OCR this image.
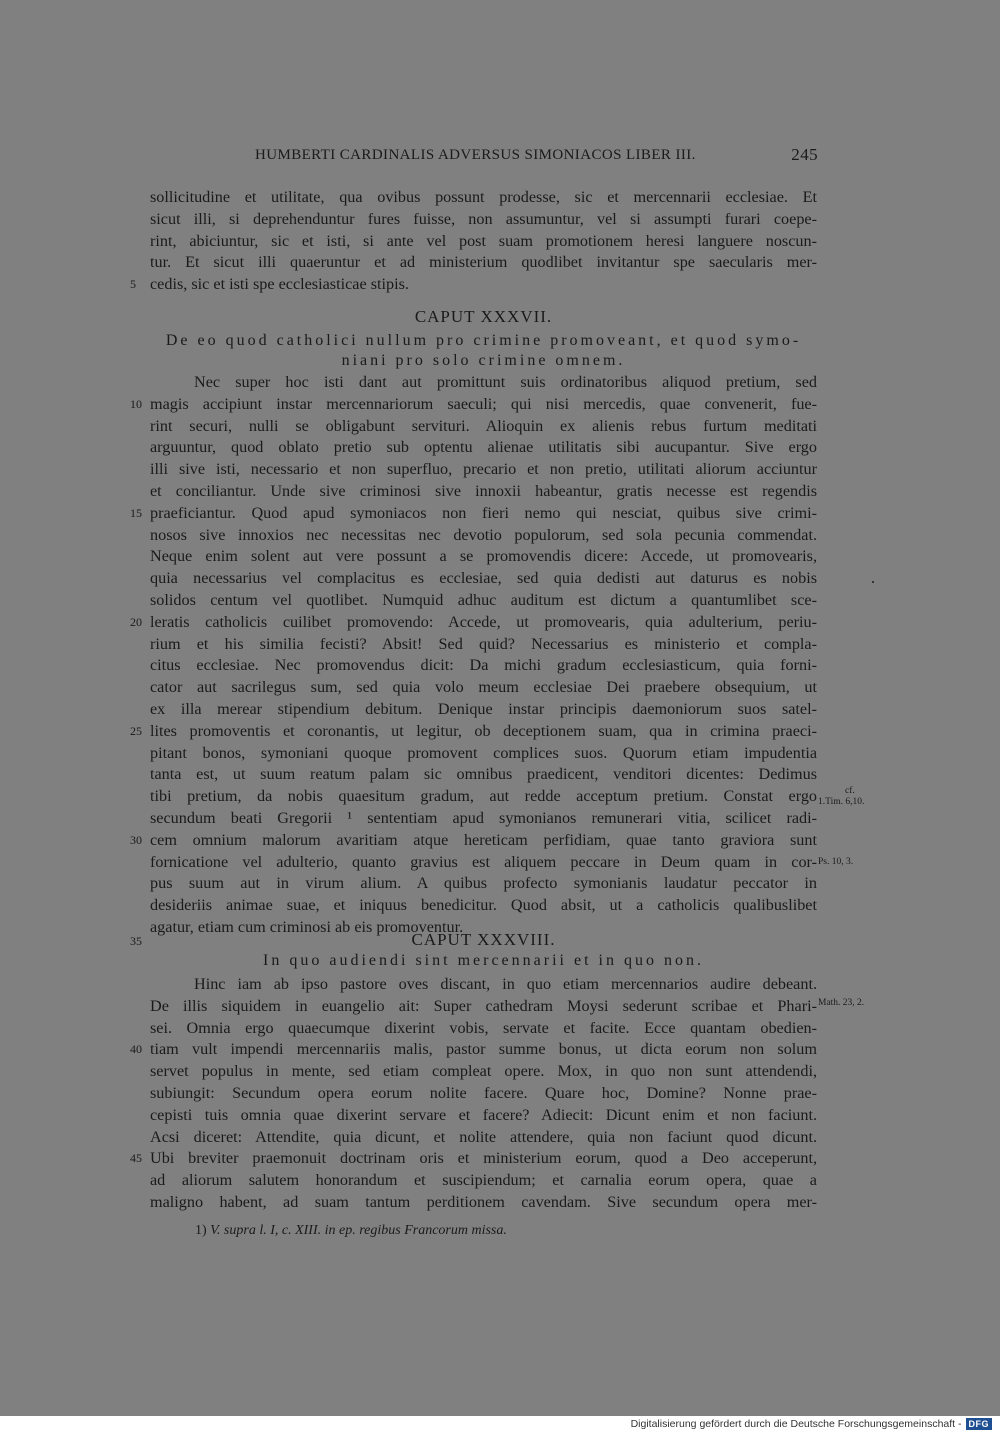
HUMBERTI CARDINALIS ADVERSUS SIMONIACOS LIBER III.	245
sollicitudine et utilitate, qua ovibus possunt prodesse, sic et mercennarii ecclesiae. Et
sicut illi, si deprehenduntur fures fuisse, non assumuntur, vel si assumpti furari coepe-
rint, abiciuntur, sic et isti, si ante vel post suam promotionem heresi languere noscun-
tur. Et sicut illi quaeruntur et ad ministerium quodlibet invitantur spe saecularis mer-
cedis, sic et isti spe ecclesiasticae stipis.
5
CAPUT XXXVII.
De eo quod catholici nullum pro crimine promoveant, et quod symo-
niani pro solo crimine omnem.
Nec super hoc isti dant aut promittunt suis ordinatoribus aliquod pretium, sed
magis accipiunt instar mercennariorum saeculi; qui nisi mercedis, quae convenerit, fue-
10
rint securi, nulli se obligabunt servituri. Alioquin ex alienis rebus furtum meditati
arguuntur, quod oblato pretio sub optentu alienae utilitatis sibi aucupantur. Sive ergo
illi sive isti, necessario et non superfluo, precario et non pretio, utilitati aliorum acciuntur
et conciliantur. Unde sive criminosi sive innoxii habeantur, gratis necesse est regendis
praeficiantur. Quod apud symoniacos non fieri nemo qui nesciat, quibus sive crimi-
15
nosos sive innoxios nec necessitas nec devotio populorum, sed sola pecunia commendat.
Neque enim solent aut vere possunt a se promovendis dicere: Accede, ut promovearis,
quia necessarius vel complacitus es ecclesiae, sed quia dedisti aut daturus es nobis
solidos centum vel quotlibet. Numquid adhuc auditum est dictum a quantumlibet sce-
leratis catholicis cuilibet promovendo: Accede, ut promovearis, quia adulterium, periu-
20
rium et his similia fecisti? Absit! Sed quid? Necessarius es ministerio et compla-
citus ecclesiae. Nec promovendus dicit: Da michi gradum ecclesiasticum, quia forni-
cator aut sacrilegus sum, sed quia volo meum ecclesiae Dei praebere obsequium, ut
ex illa merear stipendium debitum. Denique instar principis daemoniorum suos satel-
lites promoventis et coronantis, ut legitur, ob deceptionem suam, qua in crimina praeci-
25
pitant bonos, symoniani quoque promovent complices suos. Quorum etiam impudentia
tanta est, ut suum reatum palam sic omnibus praedicent, venditori dicentes: Dedimus
tibi pretium, da nobis quaesitum gradum, aut redde acceptum pretium. Constat ergo
secundum beati Gregorii ¹ sententiam apud symonianos remunerari vitia, scilicet radi-
cem omnium malorum avaritiam atque hereticam perfidiam, quae tanto graviora sunt
30
fornicatione vel adulterio, quanto gravius est aliquem peccare in Deum quam in cor-
pus suum aut in virum alium. A quibus profecto symonianis laudatur peccator in
desideriis animae suae, et iniquus benedicitur. Quod absit, ut a catholicis qualibuslibet
agatur, etiam cum criminosi ab eis promoventur.
35	CAPUT XXXVIII.
In quo audiendi sint mercennarii et in quo non.
Hinc iam ab ipso pastore oves discant, in quo etiam mercennarios audire debeant.
De illis siquidem in euangelio ait: Super cathedram Moysi sederunt scribae et Phari-
sei. Omnia ergo quaecumque dixerint vobis, servate et facite. Ecce quantam obedien-
tiam vult impendi mercennariis malis, pastor summe bonus, ut dicta eorum non solum
40
servet populus in mente, sed etiam compleat opere. Mox, in quo non sunt attendendi,
subiungit: Secundum opera eorum nolite facere. Quare hoc, Domine? Nonne prae-
cepisti tuis omnia quae dixerint servare et facere? Adiecit: Dicunt enim et non faciunt.
Acsi diceret: Attendite, quia dicunt, et nolite attendere, quia non faciunt quod dicunt.
Ubi breviter praemonuit doctrinam oris et ministerium eorum, quod a Deo acceperunt,
45
ad aliorum salutem honorandum et suscipiendum; et carnalia eorum opera, quae a
maligno habent, ad suam tantum perditionem cavendam. Sive secundum opera mer-
cf.
1.Tim. 6,10.
Ps. 10, 3.
Math. 23, 2.
1) V. supra l. I, c. XIII. in ep. regibus Francorum missa.
Digitalisierung gefördert durch die Deutsche Forschungsgemeinschaft - DFG
